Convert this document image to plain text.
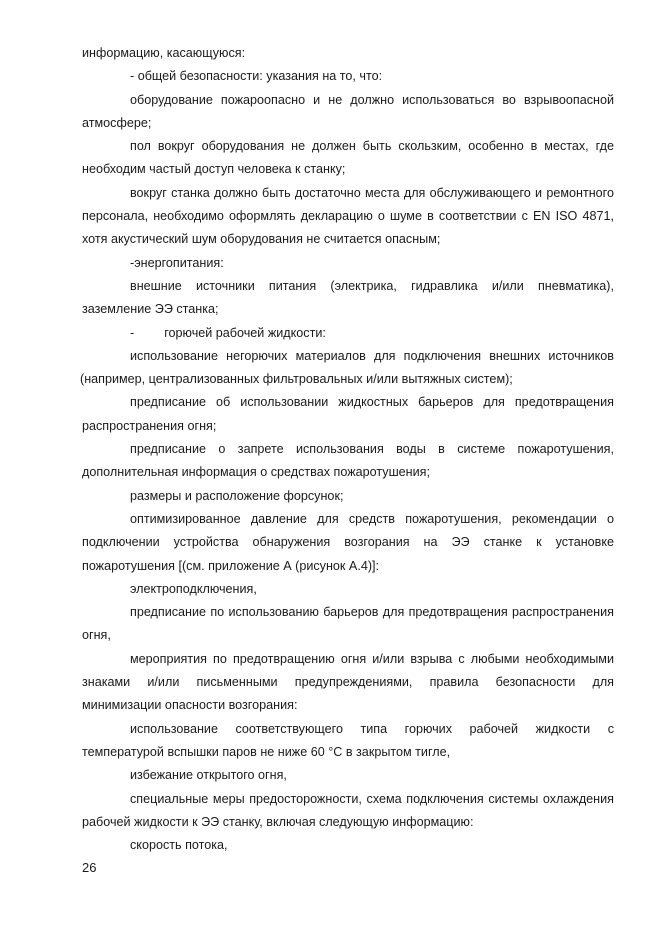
информацию, касающуюся:

- общей безопасности: указания на то, что:

оборудование пожароопасно и не должно использоваться во взрывоопасной атмосфере;

пол вокруг оборудования не должен быть скользким, особенно в местах, где необходим частый доступ человека к станку;

вокруг станка должно быть достаточно места для обслуживающего и ремонтного персонала, необходимо оформлять декларацию о шуме в соответствии с EN ISO 4871, хотя акустический шум оборудования не считается опасным;

-энергопитания:

внешние источники питания (электрика, гидравлика и/или пневматика), заземление ЭЭ станка;

- горючей рабочей жидкости:

использование негорючих материалов для подключения внешних источников

(например, централизованных фильтровальных и/или вытяжных систем);

предписание об использовании жидкостных барьеров для предотвращения распространения огня;

предписание о запрете использования воды в системе пожаротушения, дополнительная информация о средствах пожаротушения;

размеры и расположение форсунок;

оптимизированное давление для средств пожаротушения, рекомендации о подключении устройства обнаружения возгорания на ЭЭ станке к установке пожаротушения [(см. приложение А (рисунок А.4)]:

электроподключения,

предписание по использованию барьеров для предотвращения распространения огня,

мероприятия по предотвращению огня и/или взрыва с любыми необходимыми знаками и/или письменными предупреждениями, правила безопасности для минимизации опасности возгорания:

использование соответствующего типа горючих рабочей жидкости с температурой вспышки паров не ниже 60 °С в закрытом тигле,

избежание открытого огня,

специальные меры предосторожности, схема подключения системы охлаждения рабочей жидкости к ЭЭ станку, включая следующую информацию:

скорость потока,

26
